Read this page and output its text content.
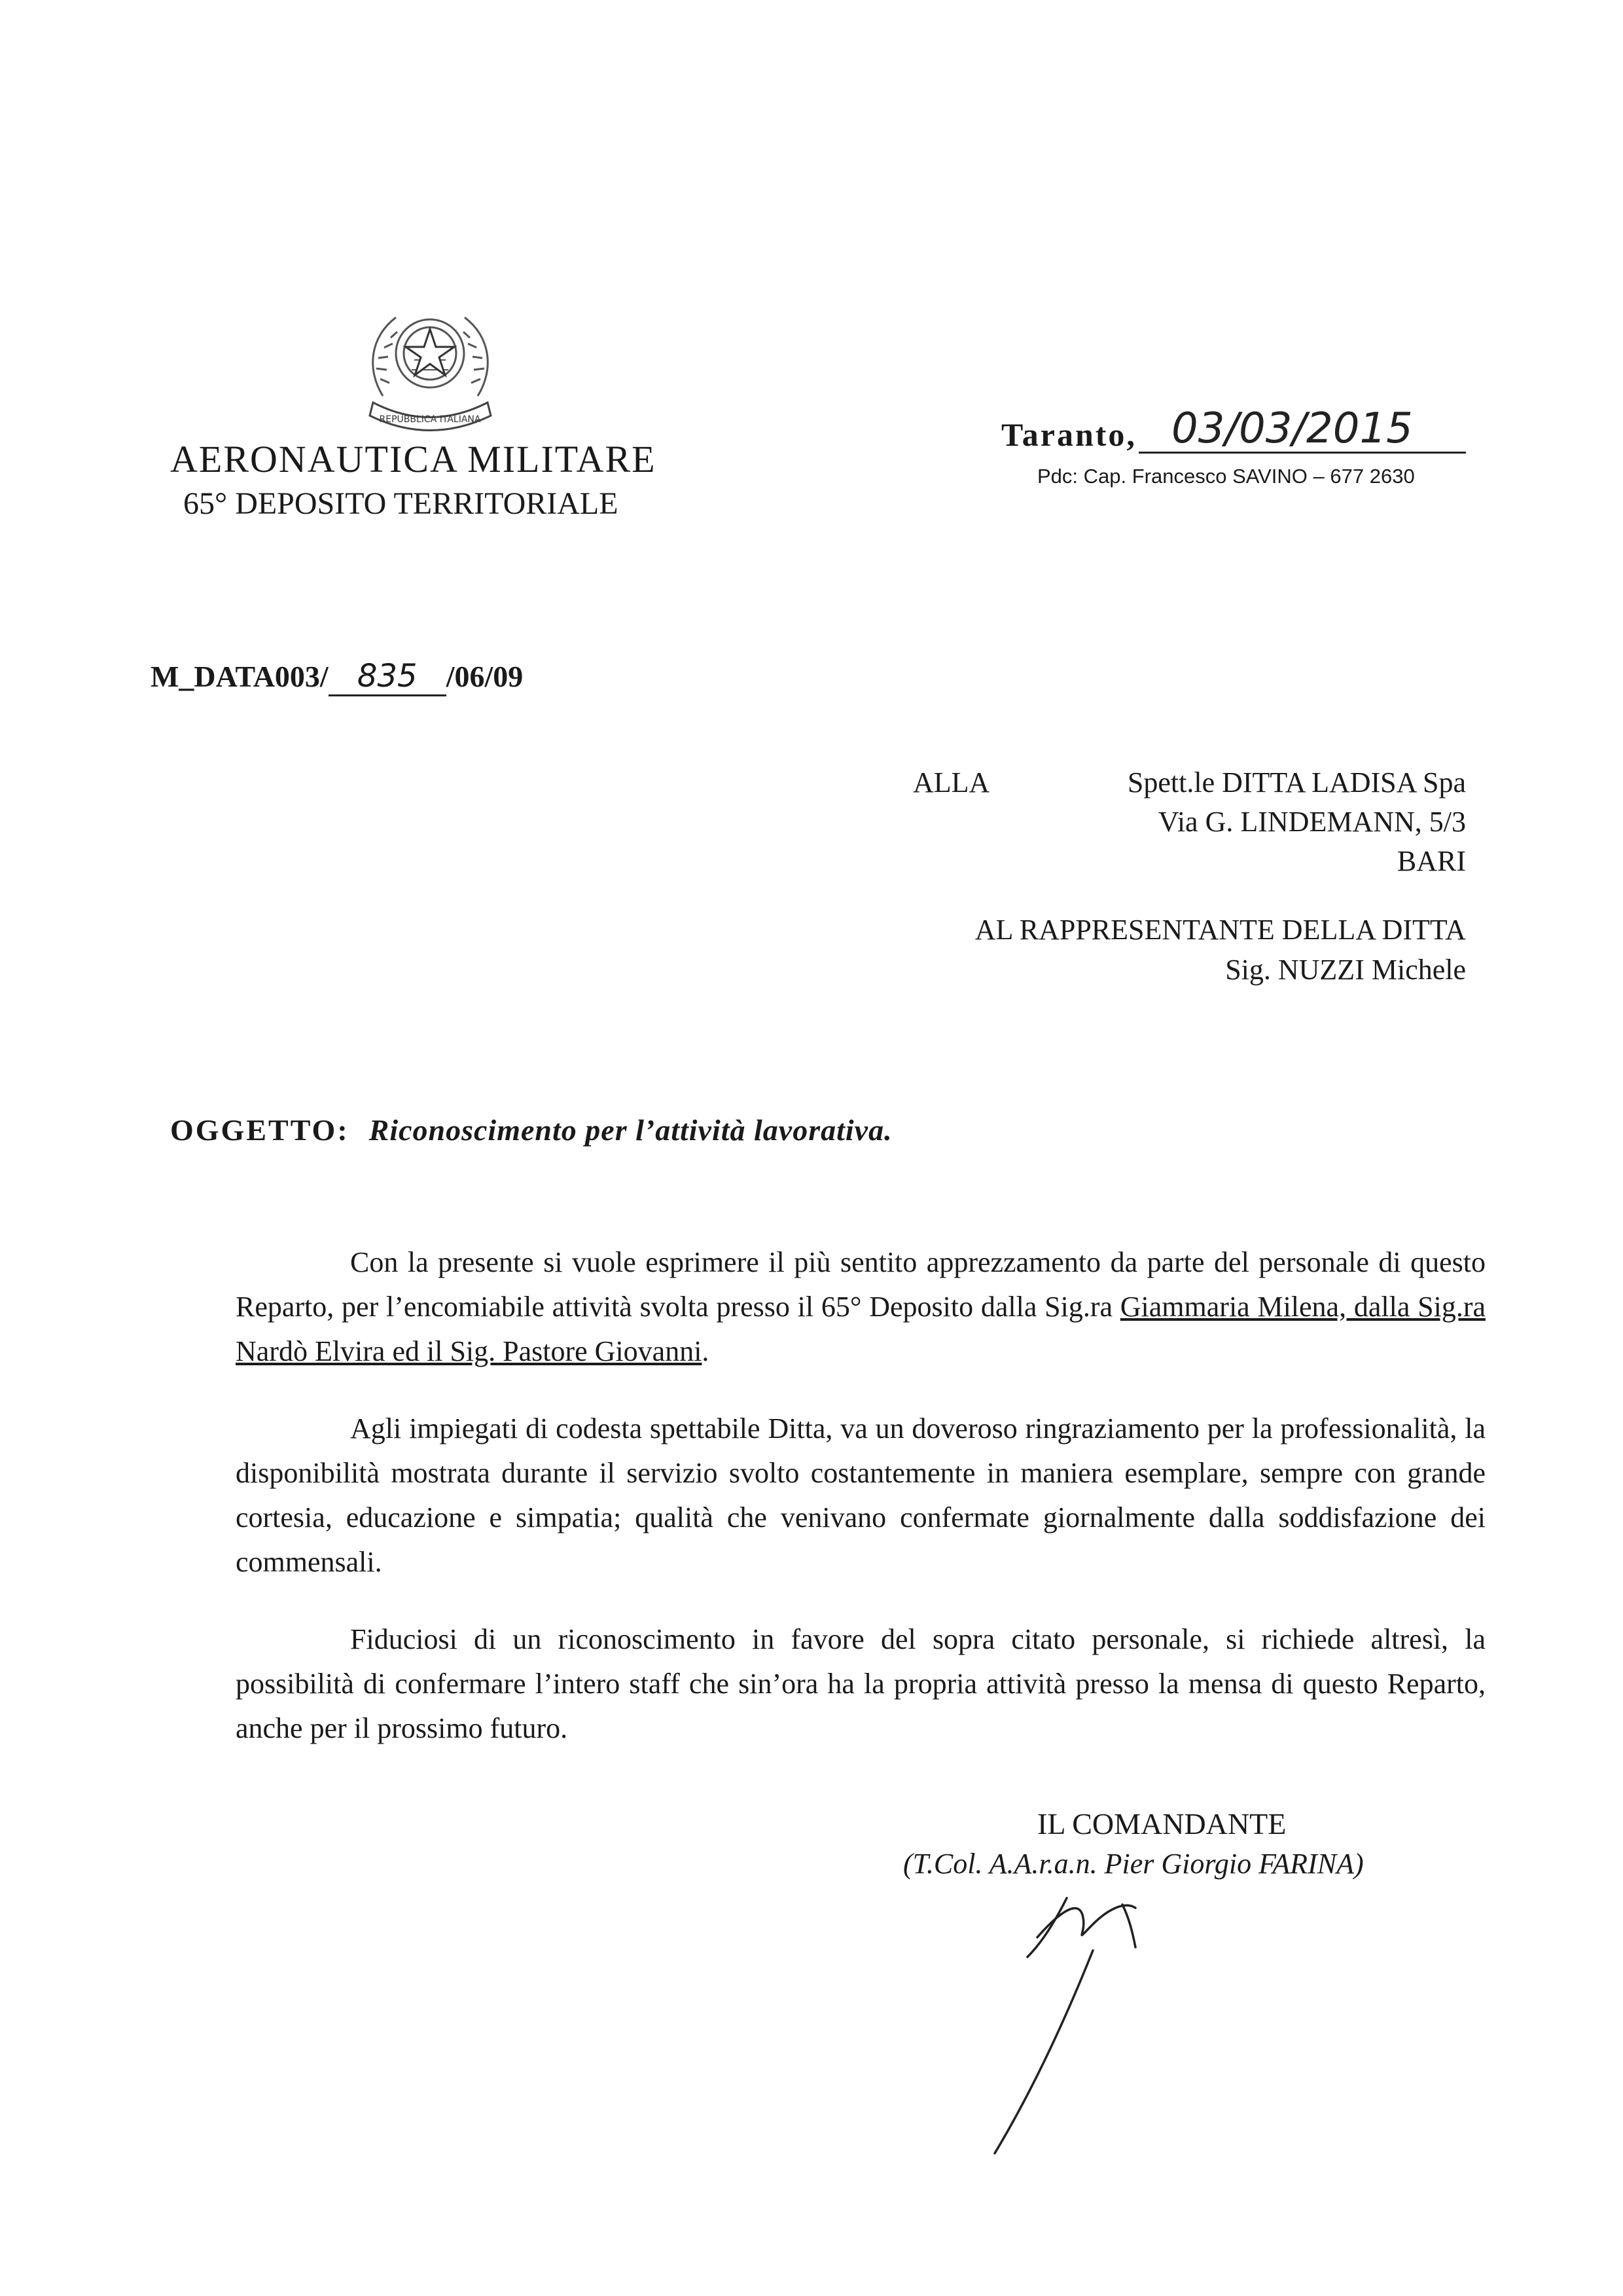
REPUBBLICA ITALIANA
AERONAUTICA MILITARE
65° DEPOSITO TERRITORIALE
Taranto, 03/03/2015
Pdc: Cap. Francesco SAVINO – 677 2630
M_DATA003/ 835 /06/09
ALLA	Spett.le DITTA LADISA Spa
Via G. LINDEMANN, 5/3
BARI
AL RAPPRESENTANTE DELLA DITTA
Sig. NUZZI Michele
OGGETTO: Riconoscimento per l’attività lavorativa.

Con la presente si vuole esprimere il più sentito apprezzamento da parte del personale di questo Reparto, per l’encomiabile attività svolta presso il 65° Deposito dalla Sig.ra Giammaria Milena, dalla Sig.ra Nardò Elvira ed il Sig. Pastore Giovanni.

Agli impiegati di codesta spettabile Ditta, va un doveroso ringraziamento per la professionalità, la disponibilità mostrata durante il servizio svolto costantemente in maniera esemplare, sempre con grande cortesia, educazione e simpatia; qualità che venivano confermate giornalmente dalla soddisfazione dei commensali.

Fiduciosi di un riconoscimento in favore del sopra citato personale, si richiede altresì, la possibilità di confermare l’intero staff che sin’ora ha la propria attività presso la mensa di questo Reparto, anche per il prossimo futuro.

IL COMANDANTE
(T.Col. A.A.r.a.n. Pier Giorgio FARINA)
